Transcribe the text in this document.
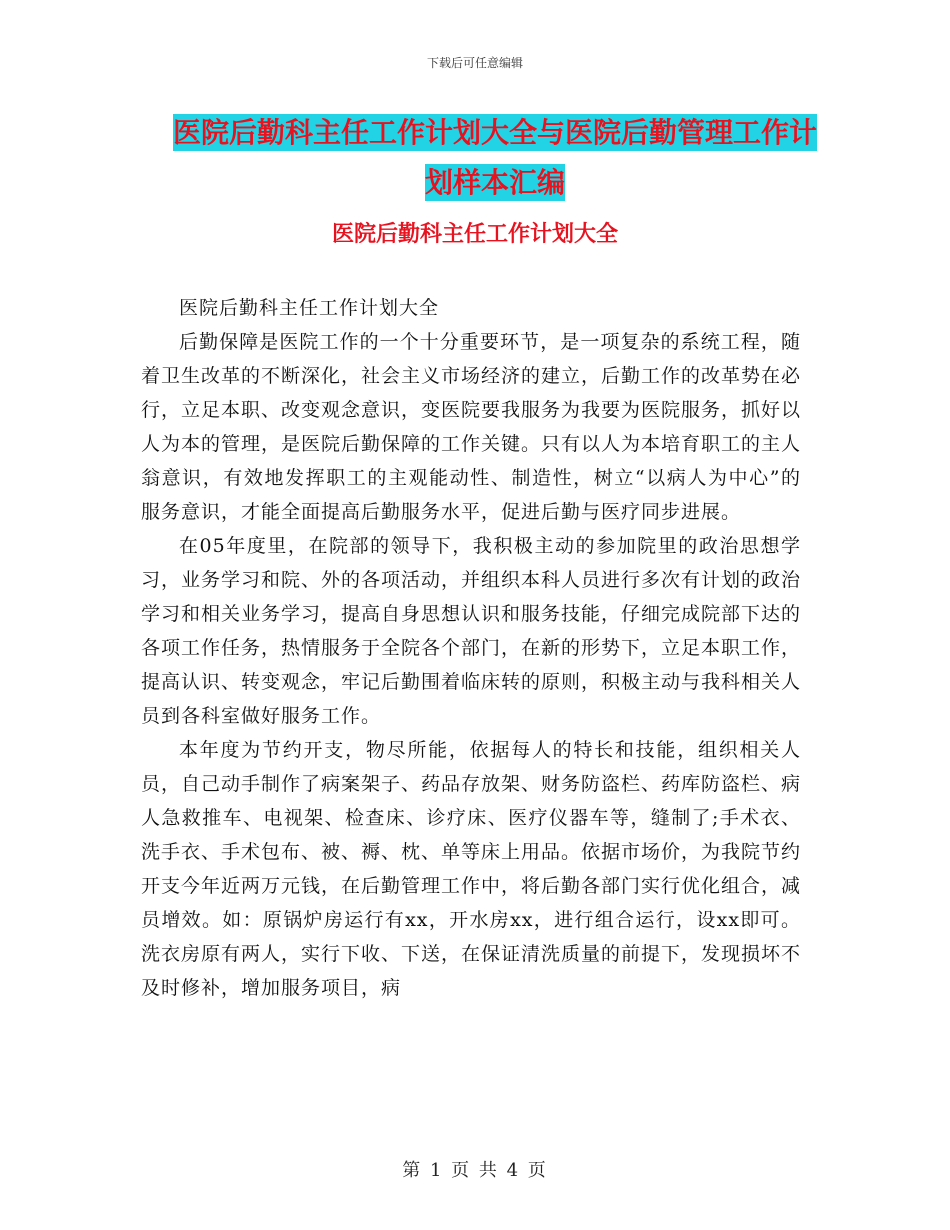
下载后可任意编辑
医院后勤科主任工作计划大全与医院后勤管理工作计
划样本汇编
医院后勤科主任工作计划大全

医院后勤科主任工作计划大全

后勤保障是医院工作的一个十分重要环节，是一项复杂的系统工程，随着卫生改革的不断深化，社会主义市场经济的建立，后勤工作的改革势在必行，立足本职、改变观念意识，变医院要我服务为我要为医院服务，抓好以人为本的管理，是医院后勤保障的工作关键。只有以人为本培育职工的主人翁意识，有效地发挥职工的主观能动性、制造性，树立“以病人为中心”的服务意识，才能全面提高后勤服务水平，促进后勤与医疗同步进展。

在05年度里，在院部的领导下，我积极主动的参加院里的政治思想学习，业务学习和院、外的各项活动，并组织本科人员进行多次有计划的政治学习和相关业务学习，提高自身思想认识和服务技能，仔细完成院部下达的各项工作任务，热情服务于全院各个部门，在新的形势下，立足本职工作，提高认识、转变观念，牢记后勤围着临床转的原则，积极主动与我科相关人员到各科室做好服务工作。

本年度为节约开支，物尽所能，依据每人的特长和技能，组织相关人员，自己动手制作了病案架子、药品存放架、财务防盗栏、药库防盗栏、病人急救推车、电视架、检查床、诊疗床、医疗仪器车等，缝制了;手术衣、洗手衣、手术包布、被、褥、枕、单等床上用品。依据市场价，为我院节约开支今年近两万元钱，在后勤管理工作中，将后勤各部门实行优化组合，减员增效。如：原锅炉房运行有xx，开水房xx，进行组合运行，设xx即可。洗衣房原有两人，实行下收、下送，在保证清洗质量的前提下，发现损坏不及时修补，增加服务项目，病

第 1 页 共 4 页
